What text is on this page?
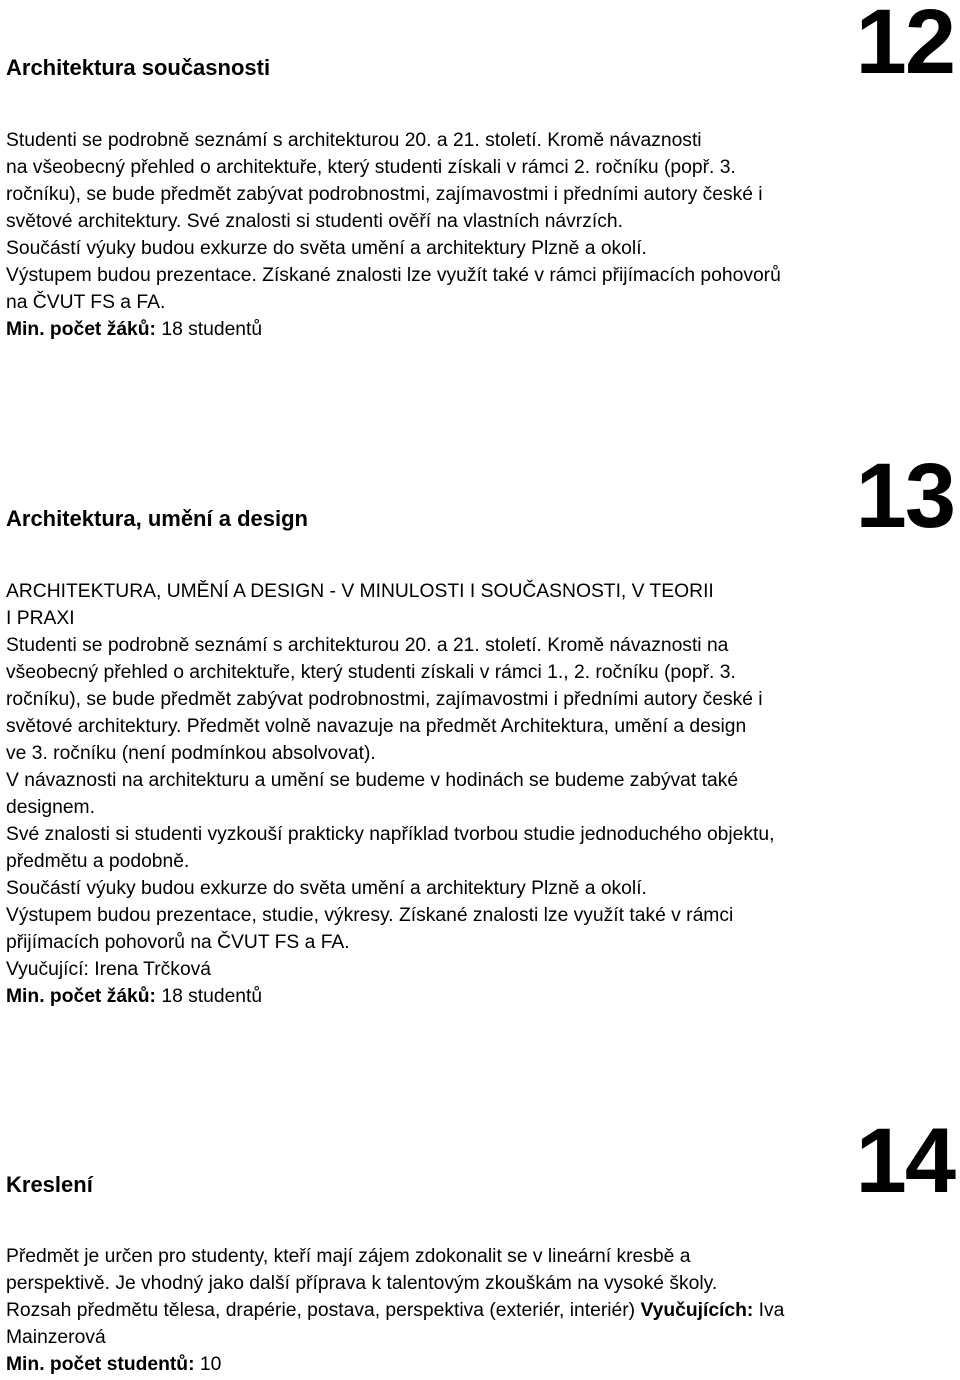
Architektura současnosti	12
Studenti se podrobně seznámí s architekturou 20. a 21. století. Kromě návaznosti
na všeobecný přehled o architektuře, který studenti získali v rámci 2. ročníku (popř. 3.
ročníku), se bude předmět zabývat podrobnostmi, zajímavostmi i předními autory české i
světové architektury. Své znalosti si studenti ověří na vlastních návrzích.
Součástí výuky budou exkurze do světa umění a architektury Plzně a okolí.
Výstupem budou prezentace. Získané znalosti lze využít také v rámci přijímacích pohovorů
na ČVUT FS a FA.
Min. počet žáků: 18 studentů
Architektura, umění a design	13
ARCHITEKTURA, UMĚNÍ A DESIGN - V MINULOSTI I SOUČASNOSTI, V TEORII
I PRAXI
Studenti se podrobně seznámí s architekturou 20. a 21. století. Kromě návaznosti na
všeobecný přehled o architektuře, který studenti získali v rámci 1., 2. ročníku (popř. 3.
ročníku), se bude předmět zabývat podrobnostmi, zajímavostmi i předními autory české i
světové architektury. Předmět volně navazuje na předmět Architektura, umění a design
ve 3. ročníku (není podmínkou absolvovat).
V návaznosti na architekturu a umění se budeme v hodinách se budeme zabývat také
designem.
Své znalosti si studenti vyzkouší prakticky například tvorbou studie jednoduchého objektu,
předmětu a podobně.
Součástí výuky budou exkurze do světa umění a architektury Plzně a okolí.
Výstupem budou prezentace, studie, výkresy. Získané znalosti lze využít také v rámci
přijímacích pohovorů na ČVUT FS a FA.
Vyučující: Irena Trčková
Min. počet žáků: 18 studentů
Kreslení	14
Předmět je určen pro studenty, kteří mají zájem zdokonalit se v lineární kresbě a
perspektivě. Je vhodný jako další příprava k talentovým zkouškám na vysoké školy.
Rozsah předmětu tělesa, drapérie, postava, perspektiva (exteriér, interiér) Vyučujících: Iva
Mainzerová
Min. počet studentů: 10
